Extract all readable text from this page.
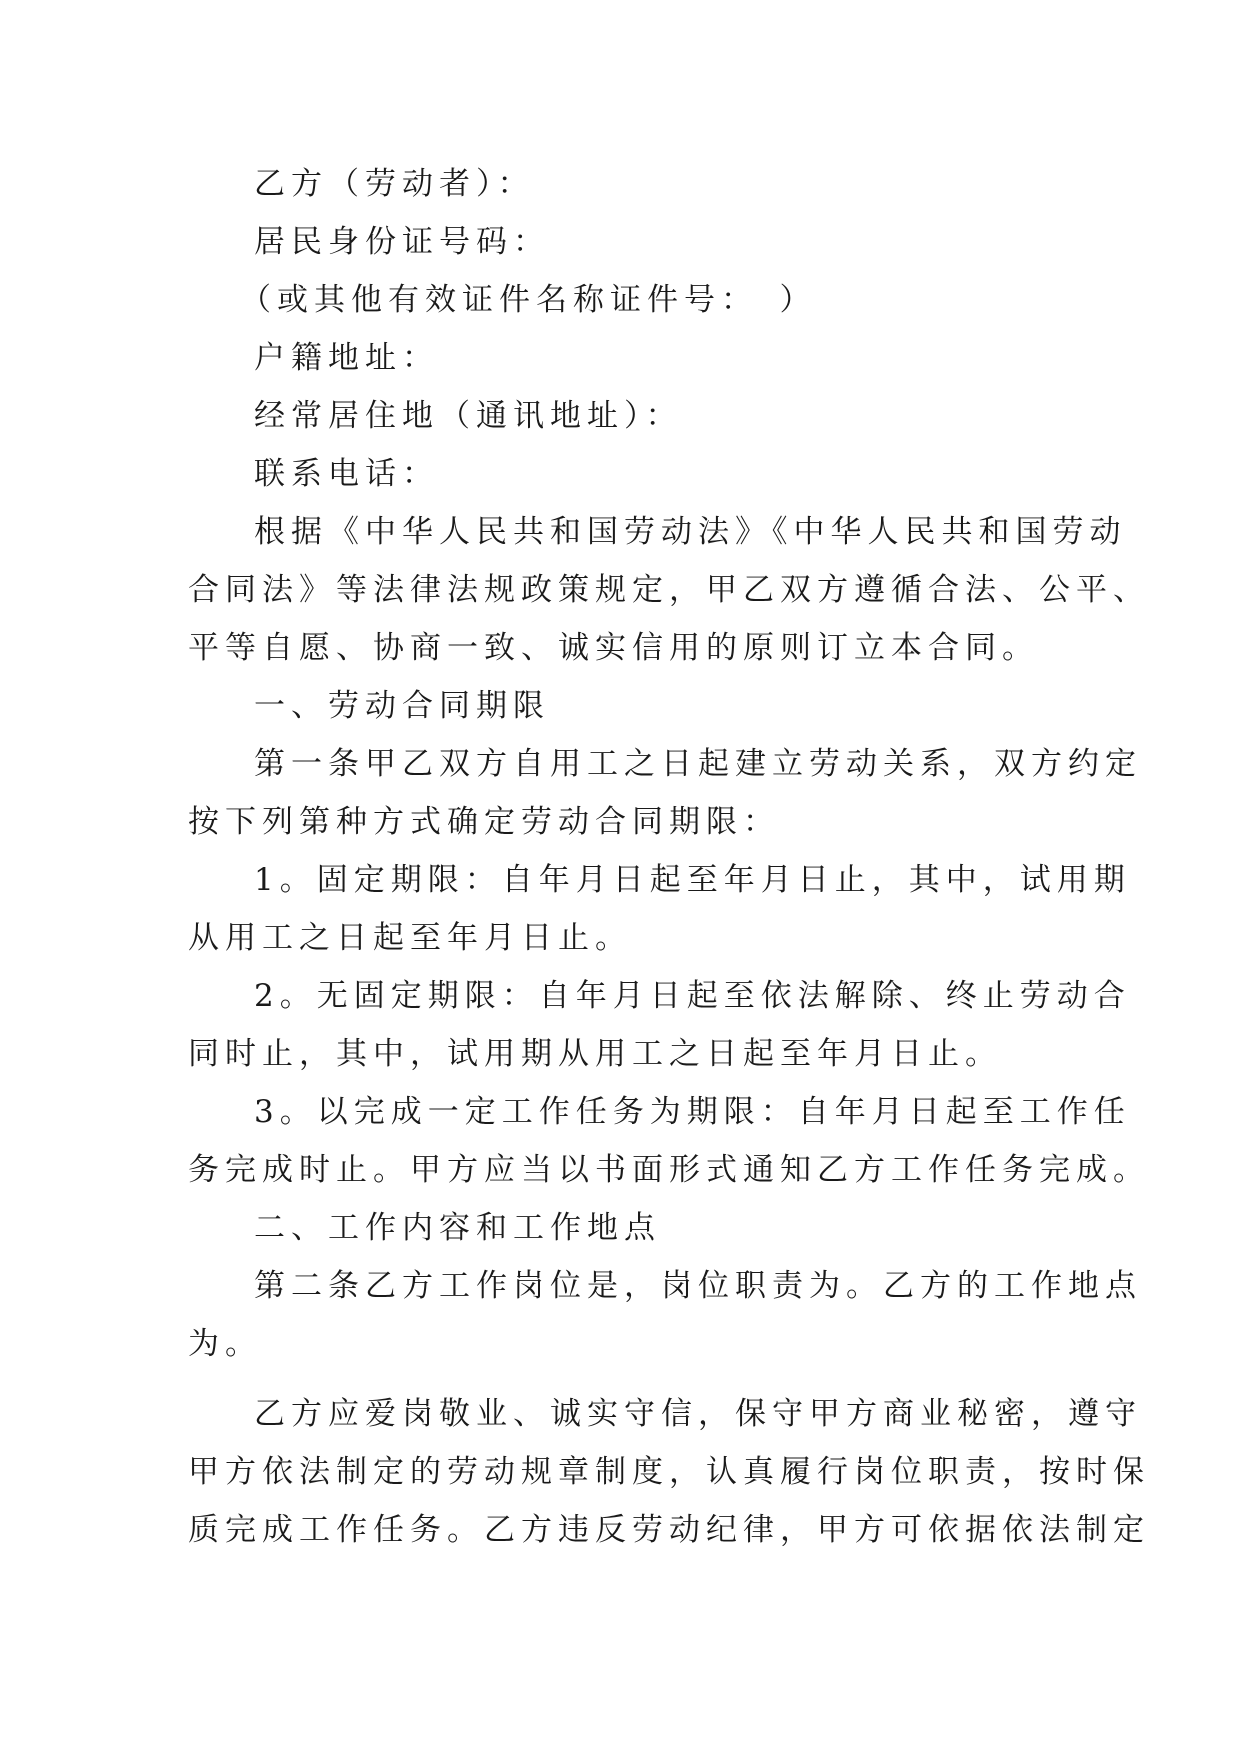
乙方（劳动者）：
居民身份证号码：
（或其他有效证件名称证件号：　）
户籍地址：
经常居住地（通讯地址）：
联系电话：
根据《中华人民共和国劳动法》《中华人民共和国劳动
合同法》等法律法规政策规定，甲乙双方遵循合法、公平、
平等自愿、协商一致、诚实信用的原则订立本合同。
一、劳动合同期限
第一条甲乙双方自用工之日起建立劳动关系，双方约定
按下列第种方式确定劳动合同期限：
1。固定期限：自年月日起至年月日止，其中，试用期
从用工之日起至年月日止。
2。无固定期限：自年月日起至依法解除、终止劳动合
同时止，其中，试用期从用工之日起至年月日止。
3。以完成一定工作任务为期限：自年月日起至工作任
务完成时止。甲方应当以书面形式通知乙方工作任务完成。
二、工作内容和工作地点
第二条乙方工作岗位是，岗位职责为。乙方的工作地点
为。
乙方应爱岗敬业、诚实守信，保守甲方商业秘密，遵守
甲方依法制定的劳动规章制度，认真履行岗位职责，按时保
质完成工作任务。乙方违反劳动纪律，甲方可依据依法制定
